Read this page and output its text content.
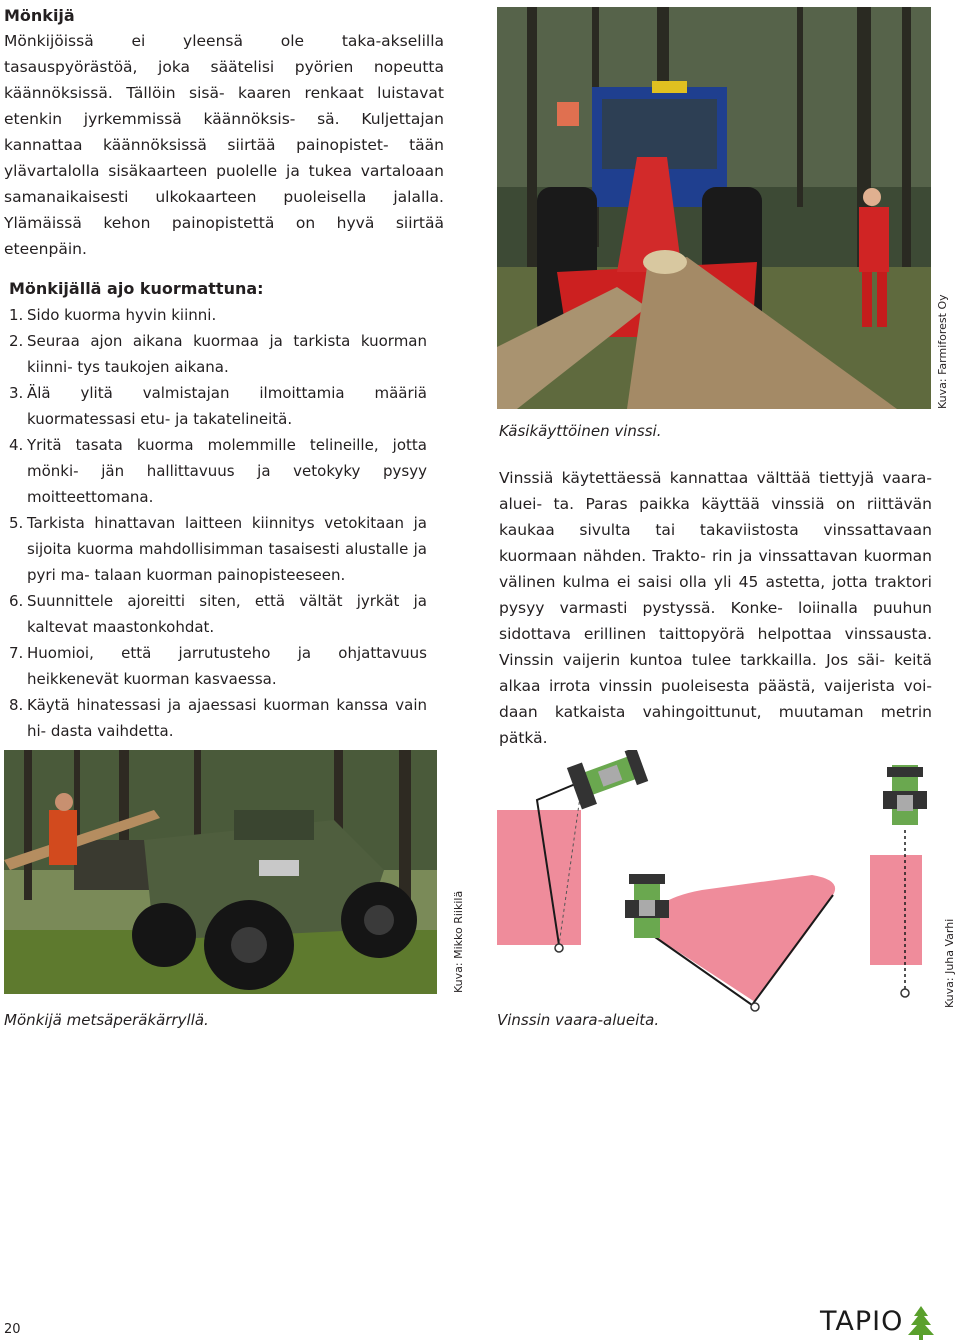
Mönkijä

Mönkijöissä ei yleensä ole taka-akselilla tasauspyörästöä, joka säätelisi pyörien nopeutta käännöksissä. Tällöin sisä- kaaren renkaat luistavat etenkin jyrkemmissä käännöksis- sä. Kuljettajan kannattaa käännöksissä siirtää painopistet- tään ylävartalolla sisäkaarteen puolelle ja tukea vartaloaan samanaikaisesti ulkokaarteen puoleisella jalalla. Ylämäissä kehon painopistettä on hyvä siirtää eteenpäin.

Mönkijällä ajo kuormattuna:

1. Sido kuorma hyvin kiinni.
2. Seuraa ajon aikana kuormaa ja tarkista kuorman kiinni- tys taukojen aikana.
3. Älä ylitä valmistajan ilmoittamia määriä kuormatessasi etu- ja takatelineitä.
4. Yritä tasata kuorma molemmille telineille, jotta mönki- jän hallittavuus ja vetokyky pysyy moitteettomana.
5. Tarkista hinattavan laitteen kiinnitys vetokitaan ja sijoita kuorma mahdollisimman tasaisesti alustalle ja pyri ma- talaan kuorman painopisteeseen.
6. Suunnittele ajoreitti siten, että vältät jyrkät ja kaltevat maastonkohdat.
7. Huomioi, että jarrutusteho ja ohjattavuus heikkenevät kuorman kasvaessa.
8. Käytä hinatessasi ja ajaessasi kuorman kanssa vain hi- dasta vaihdetta.
Kuva: Farmiforest Oy
Käsikäyttöinen vinssi.
Vinssiä käytettäessä kannattaa välttää tiettyjä vaara-aluei- ta. Paras paikka käyttää vinssiä on riittävän kaukaa sivulta tai takaviistosta vinssattavaan kuormaan nähden. Trakto- rin ja vinssattavan kuorman välinen kulma ei saisi olla yli 45 astetta, jotta traktori pysyy varmasti pystyssä. Konke- loiinalla puuhun sidottava erillinen taittopyörä helpottaa vinssausta. Vinssin vaijerin kuntoa tulee tarkkailla. Jos säi- keitä alkaa irrota vinssin puoleisesta päästä, vaijerista voi- daan katkaista vahingoittunut, muutaman metrin pätkä.
Kuva: Mikko Riikilä
Mönkijä metsäperäkärryllä.
Kuva: Juha Varhi
Vinssin vaara-alueita.
20	TAPIO
